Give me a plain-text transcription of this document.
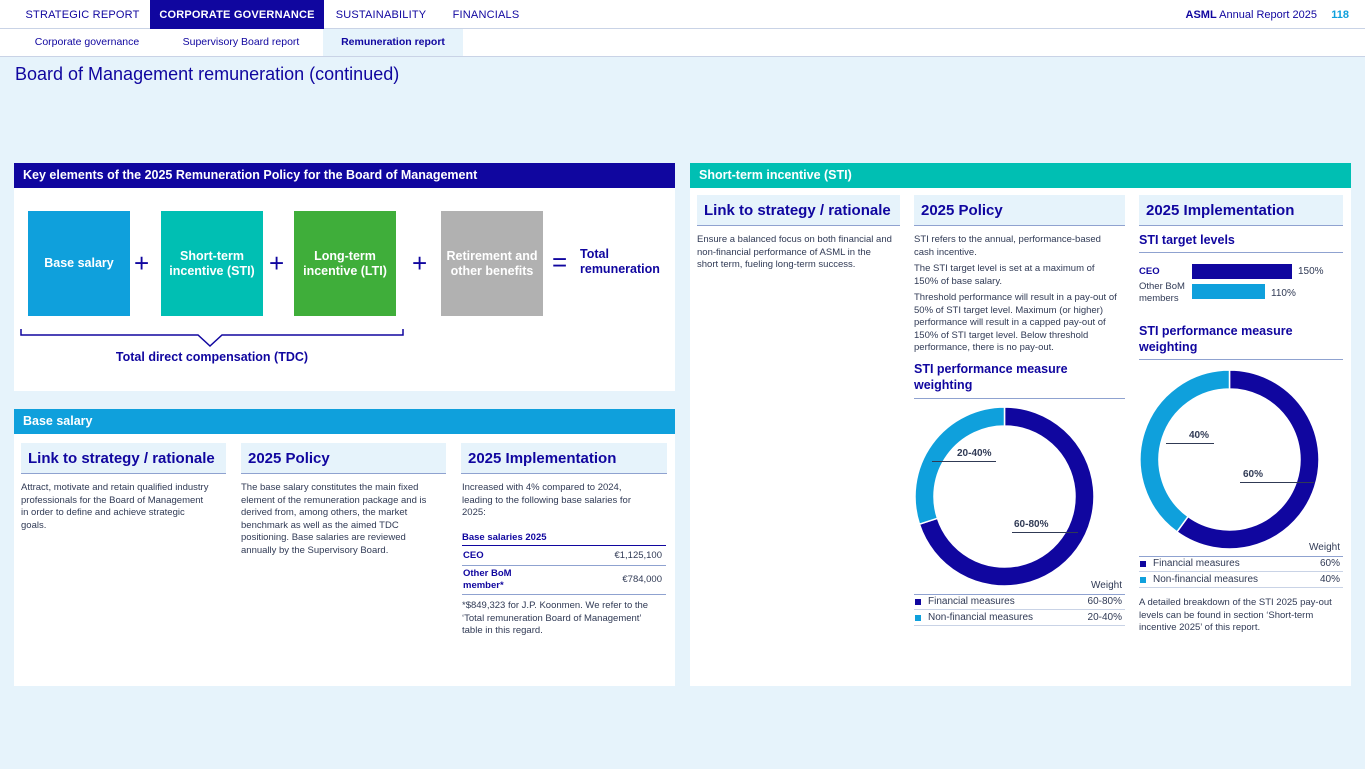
STRATEGIC REPORT	CORPORATE GOVERNANCE	SUSTAINABILITY	FINANCIALS	ASML Annual Report 2025 118
Corporate governance	Supervisory Board report	Remuneration report
Board of Management remuneration (continued)
Key elements of the 2025 Remuneration Policy for the Board of Management
Base salary +	Short-term incentive (STI) +	Long-term incentive (LTI) +	Retirement and other benefits = Total remuneration
Total direct compensation (TDC)
Base salary
Link to strategy / rationale
Attract, motivate and retain qualified industry professionals for the Board of Management in order to define and achieve strategic goals.
2025 Policy
The base salary constitutes the main fixed element of the remuneration package and is derived from, among others, the market benchmark as well as the aimed TDC positioning. Base salaries are reviewed annually by the Supervisory Board.
2025 Implementation
Increased with 4% compared to 2024, leading to the following base salaries for 2025:
Base salaries 2025
CEO	€1,125,100
Other BoM member*	€784,000
*$849,323 for J.P. Koonmen. We refer to the ‘Total remuneration Board of Management’ table in this regard.
Short-term incentive (STI)
Link to strategy / rationale
Ensure a balanced focus on both financial and non-financial performance of ASML in the short term, fueling long-term success.
2025 Policy
STI refers to the annual, performance-based cash incentive.
The STI target level is set at a maximum of 150% of base salary.
Threshold performance will result in a pay-out of 50% of STI target level. Maximum (or higher) performance will result in a capped pay-out of 150% of STI target level. Below threshold performance, there is no pay-out.
STI performance measure weighting
20-40%
60-80%
Weight
Financial measures	60-80%
Non-financial measures	20-40%
2025 Implementation
STI target levels
CEO	150%
Other BoM members	110%
STI performance measure weighting
40%
60%
Weight
Financial measures	60%
Non-financial measures	40%
A detailed breakdown of the STI 2025 pay-out levels can be found in section ‘Short-term incentive 2025’ of this report.
